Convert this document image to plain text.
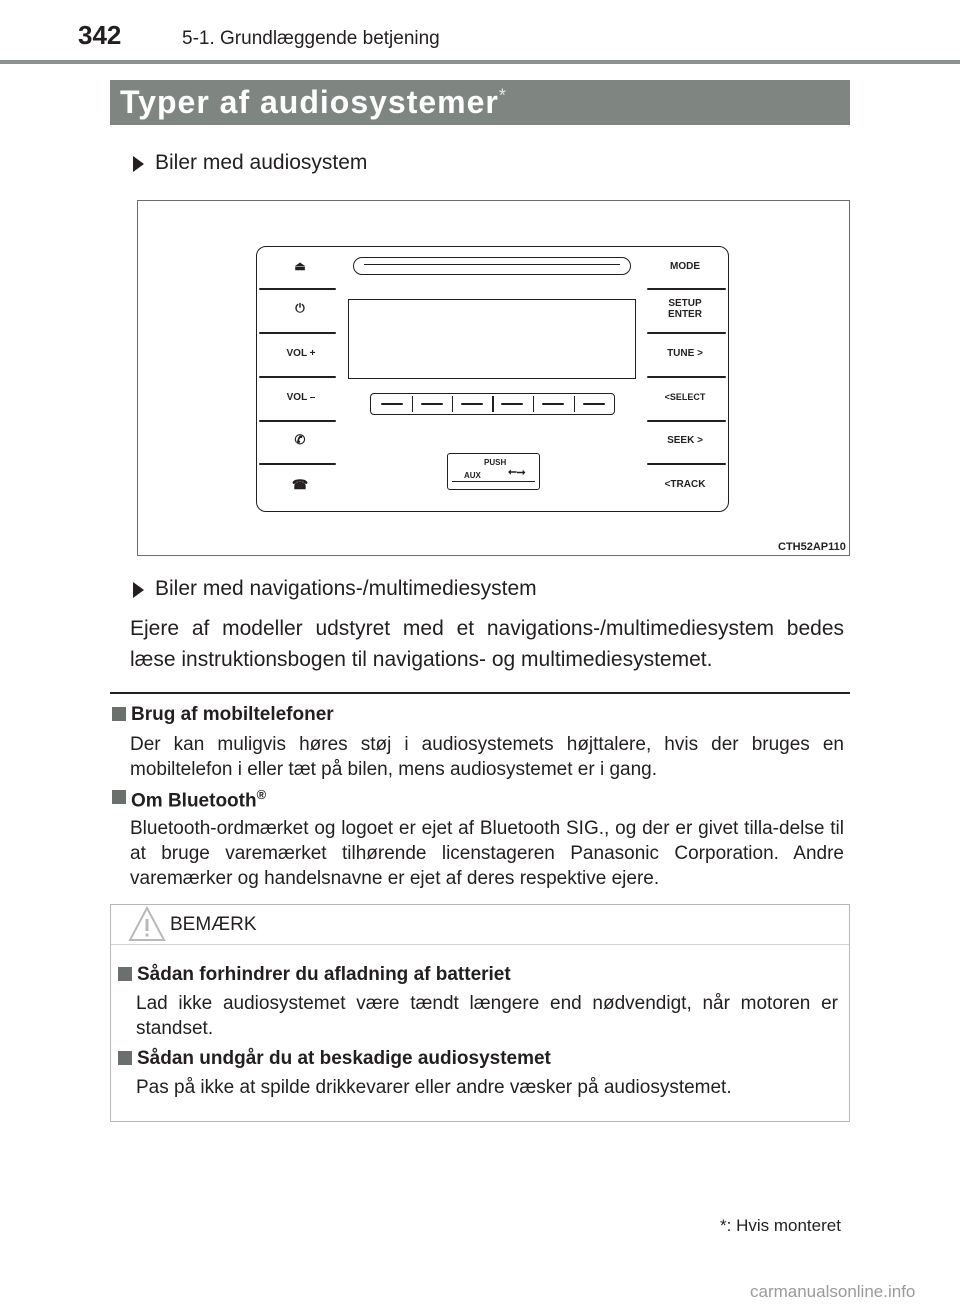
342	5-1. Grundlæggende betjening
Typer af audiosystemer*
Biler med audiosystem
PUSH
AUX ⭠⭢
⏏
⏻
VOL +
VOL –
✆
☎
MODE
SETUP
ENTER
TUNE >
<SELECT
SEEK >
<TRACK
CTH52AP110
Biler med navigations-/multimediesystem
Ejere af modeller udstyret med et navigations-/multimediesystem bedes læse instruktionsbogen til navigations- og multimediesystemet.
Brug af mobiltelefoner
Der kan muligvis høres støj i audiosystemets højttalere, hvis der bruges en mobiltelefon i eller tæt på bilen, mens audiosystemet er i gang.
Om Bluetooth®
Bluetooth-ordmærket og logoet er ejet af Bluetooth SIG., og der er givet tilla-delse til at bruge varemærket tilhørende licenstageren Panasonic Corporation. Andre varemærker og handelsnavne er ejet af deres respektive ejere.
BEMÆRK
Sådan forhindrer du afladning af batteriet
Lad ikke audiosystemet være tændt længere end nødvendigt, når motoren er standset.
Sådan undgår du at beskadige audiosystemet
Pas på ikke at spilde drikkevarer eller andre væsker på audiosystemet.
*: Hvis monteret
carmanualsonline.info
